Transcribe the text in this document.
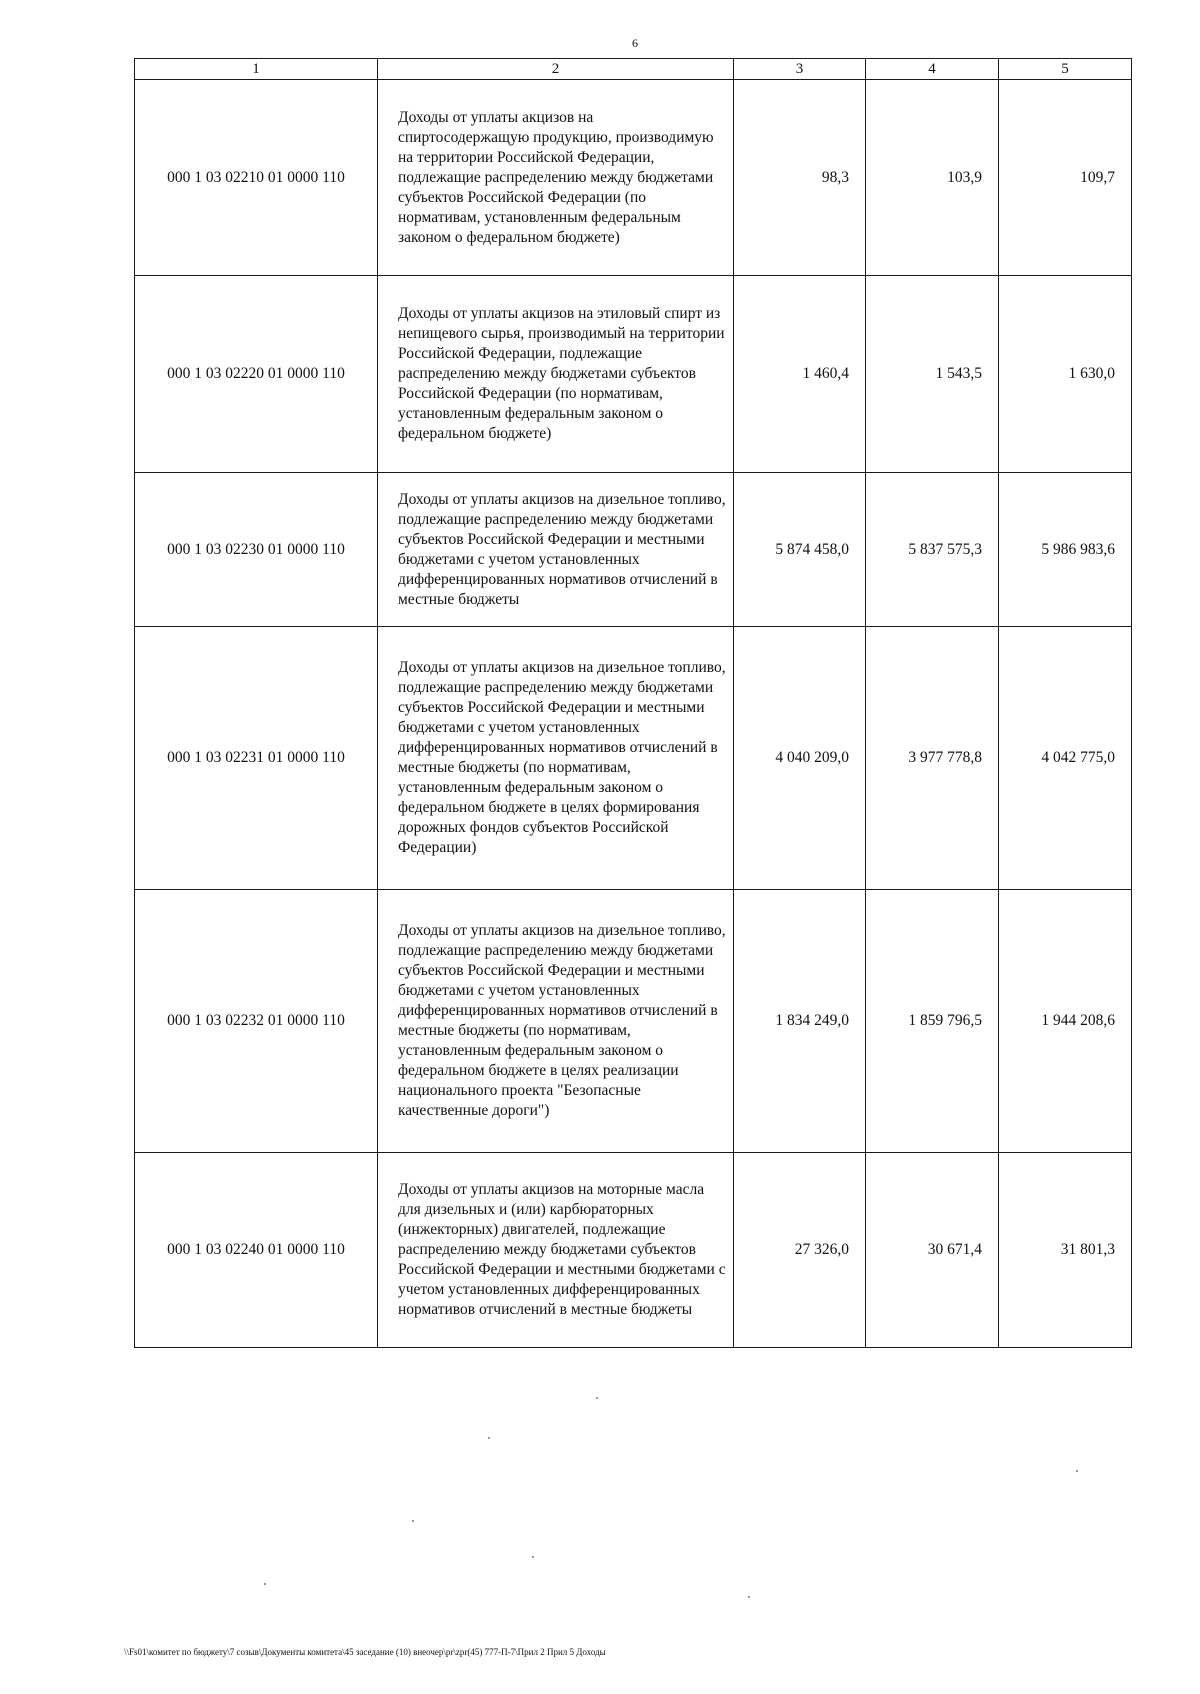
6
1	2	3	4	5
000 1 03 02210 01 0000 110	Доходы от уплаты акцизов на спиртосодержащую продукцию, производимую на территории Российской Федерации, подлежащие распределению между бюджетами субъектов Российской Федерации (по нормативам, установленным федеральным законом о федеральном бюджете)	98,3	103,9	109,7
000 1 03 02220 01 0000 110	Доходы от уплаты акцизов на этиловый спирт из непищевого сырья, производимый на территории Российской Федерации, подлежащие распределению между бюджетами субъектов Российской Федерации (по нормативам, установленным федеральным законом о федеральном бюджете)	1 460,4	1 543,5	1 630,0
000 1 03 02230 01 0000 110	Доходы от уплаты акцизов на дизельное топливо, подлежащие распределению между бюджетами субъектов Российской Федерации и местными бюджетами с учетом установленных дифференцированных нормативов отчислений в местные бюджеты	5 874 458,0	5 837 575,3	5 986 983,6
000 1 03 02231 01 0000 110	Доходы от уплаты акцизов на дизельное топливо, подлежащие распределению между бюджетами субъектов Российской Федерации и местными бюджетами с учетом установленных дифференцированных нормативов отчислений в местные бюджеты (по нормативам, установленным федеральным законом о федеральном бюджете в целях формирования дорожных фондов субъектов Российской Федерации)	4 040 209,0	3 977 778,8	4 042 775,0
000 1 03 02232 01 0000 110	Доходы от уплаты акцизов на дизельное топливо, подлежащие распределению между бюджетами субъектов Российской Федерации и местными бюджетами с учетом установленных дифференцированных нормативов отчислений в местные бюджеты (по нормативам, установленным федеральным законом о федеральном бюджете в целях реализации национального проекта "Безопасные качественные дороги")	1 834 249,0	1 859 796,5	1 944 208,6
000 1 03 02240 01 0000 110	Доходы от уплаты акцизов на моторные масла для дизельных и (или) карбюраторных (инжекторных) двигателей, подлежащие распределению между бюджетами субъектов Российской Федерации и местными бюджетами с учетом установленных дифференцированных нормативов отчислений в местные бюджеты	27 326,0	30 671,4	31 801,3
\\Fs01\комитет по бюджету\7 созыв\Документы комитета\45 заседание (10) внеочер\pr\zpr(45) 777-П-7\Прил 2 Прил 5 Доходы
